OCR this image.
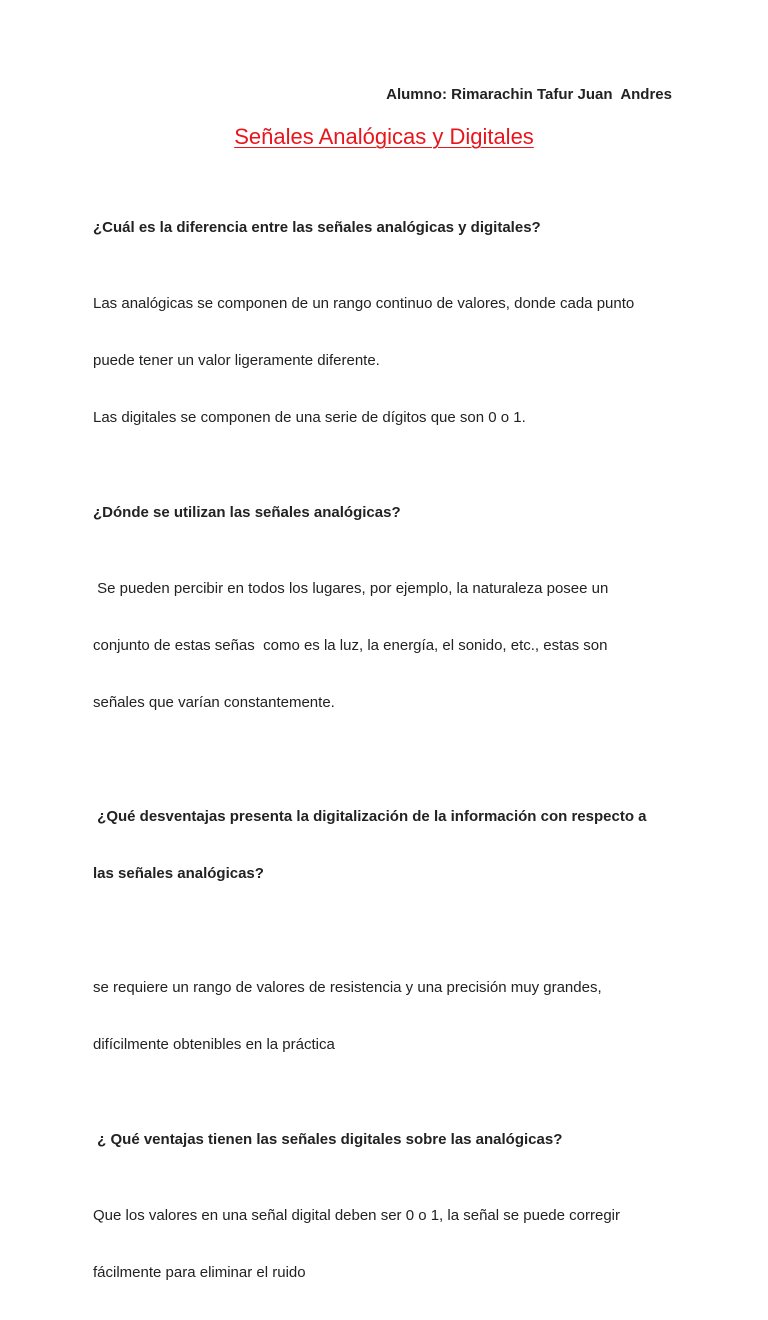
Alumno: Rimarachin Tafur Juan  Andres
Señales Analógicas y Digitales

¿Cuál es la diferencia entre las señales analógicas y digitales?

Las analógicas se componen de un rango continuo de valores, donde cada punto

puede tener un valor ligeramente diferente.

Las digitales se componen de una serie de dígitos que son 0 o 1.

¿Dónde se utilizan las señales analógicas?

Se pueden percibir en todos los lugares, por ejemplo, la naturaleza posee un

conjunto de estas señas  como es la luz, la energía, el sonido, etc., estas son

señales que varían constantemente.

¿Qué desventajas presenta la digitalización de la información con respecto a

las señales analógicas?

se requiere un rango de valores de resistencia y una precisión muy grandes,

difícilmente obtenibles en la práctica

¿ Qué ventajas tienen las señales digitales sobre las analógicas?

Que los valores en una señal digital deben ser 0 o 1, la señal se puede corregir

fácilmente para eliminar el ruido
